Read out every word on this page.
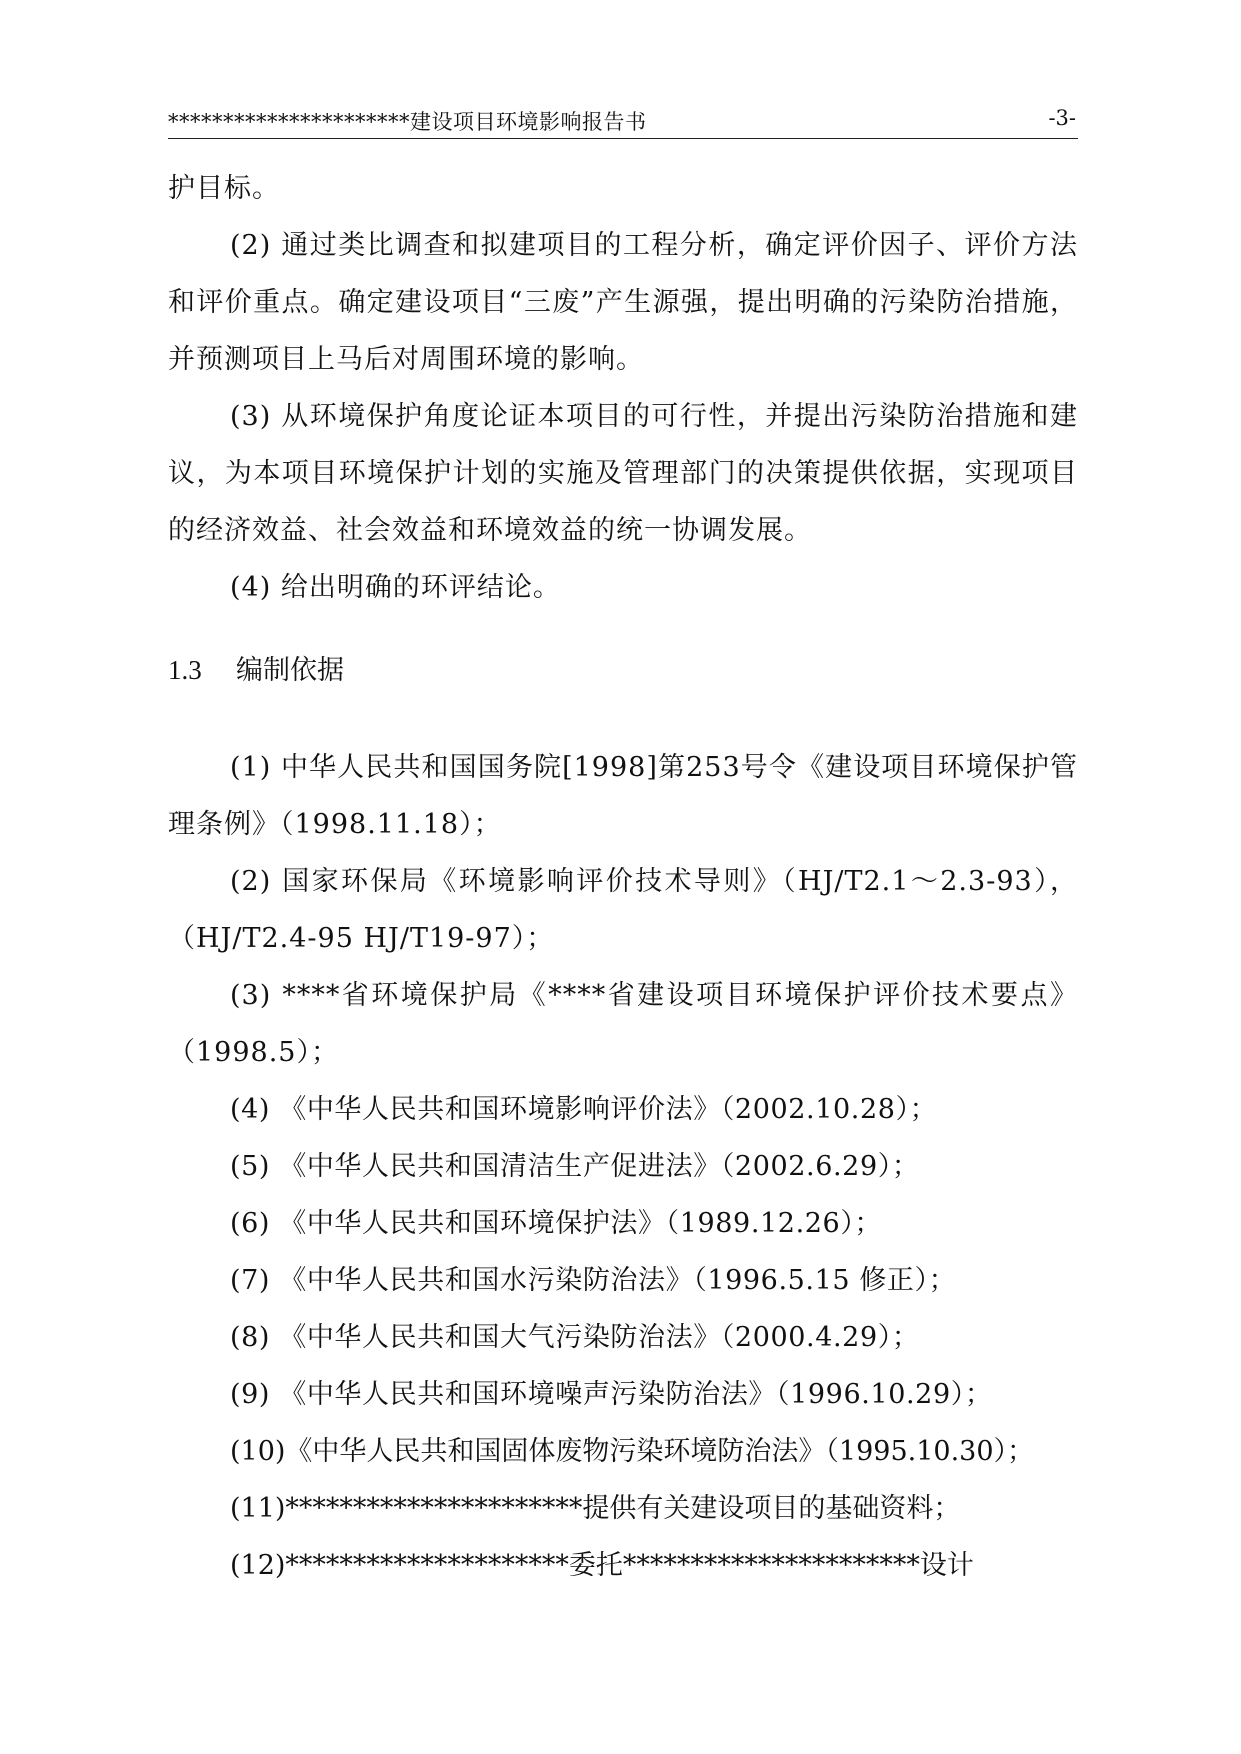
**********************建设项目环境影响报告书	-3-

护目标。

(2) 通过类比调查和拟建项目的工程分析，确定评价因子、评价方法和评价重点。确定建设项目“三废”产生源强，提出明确的污染防治措施，并预测项目上马后对周围环境的影响。

(3) 从环境保护角度论证本项目的可行性，并提出污染防治措施和建议，为本项目环境保护计划的实施及管理部门的决策提供依据，实现项目的经济效益、社会效益和环境效益的统一协调发展。

(4) 给出明确的环评结论。

1.3 编制依据

(1) 中华人民共和国国务院[1998]第253号令《建设项目环境保护管理条例》（1998.11.18）；

(2) 国家环保局《环境影响评价技术导则》（HJ/T2.1～2.3-93），（HJ/T2.4-95 HJ/T19-97）；

(3) ****省环境保护局《****省建设项目环境保护评价技术要点》（1998.5）；

(4) 《中华人民共和国环境影响评价法》（2002.10.28）；

(5) 《中华人民共和国清洁生产促进法》（2002.6.29）；

(6) 《中华人民共和国环境保护法》（1989.12.26）；

(7) 《中华人民共和国水污染防治法》（1996.5.15 修正）；

(8) 《中华人民共和国大气污染防治法》（2000.4.29）；

(9) 《中华人民共和国环境噪声污染防治法》（1996.10.29）；

(10)《中华人民共和国固体废物污染环境防治法》（1995.10.30）；

(11)**********************提供有关建设项目的基础资料；

(12)*********************委托**********************设计
